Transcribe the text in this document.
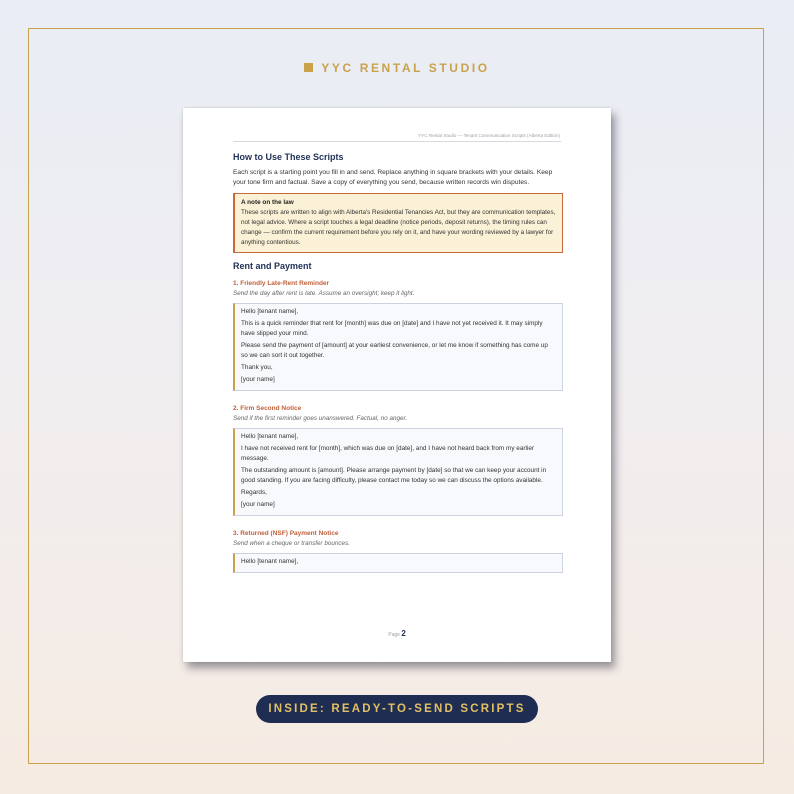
YYC RENTAL STUDIO
YYC Rental Studio — Tenant Communication Scripts (Alberta Edition)
How to Use These Scripts

Each script is a starting point you fill in and send. Replace anything in square brackets with your details. Keep your tone firm and factual. Save a copy of everything you send, because written records win disputes.

A note on the law
These scripts are written to align with Alberta's Residential Tenancies Act, but they are communication templates, not legal advice. Where a script touches a legal deadline (notice periods, deposit returns), the timing rules can change — confirm the current requirement before you rely on it, and have your wording reviewed by a lawyer for anything contentious.
Rent and Payment
1. Friendly Late-Rent Reminder
Send the day after rent is late. Assume an oversight; keep it light.

Hello [tenant name],

This is a quick reminder that rent for [month] was due on [date] and I have not yet received it. It may simply have slipped your mind.

Please send the payment of [amount] at your earliest convenience, or let me know if something has come up so we can sort it out together.

Thank you,

[your name]

2. Firm Second Notice
Send if the first reminder goes unanswered. Factual, no anger.

Hello [tenant name],

I have not received rent for [month], which was due on [date], and I have not heard back from my earlier message.

The outstanding amount is [amount]. Please arrange payment by [date] so that we can keep your account in good standing. If you are facing difficulty, please contact me today so we can discuss the options available.

Regards,

[your name]

3. Returned (NSF) Payment Notice
Send when a cheque or transfer bounces.

Hello [tenant name],

Page 2
INSIDE: READY-TO-SEND SCRIPTS
